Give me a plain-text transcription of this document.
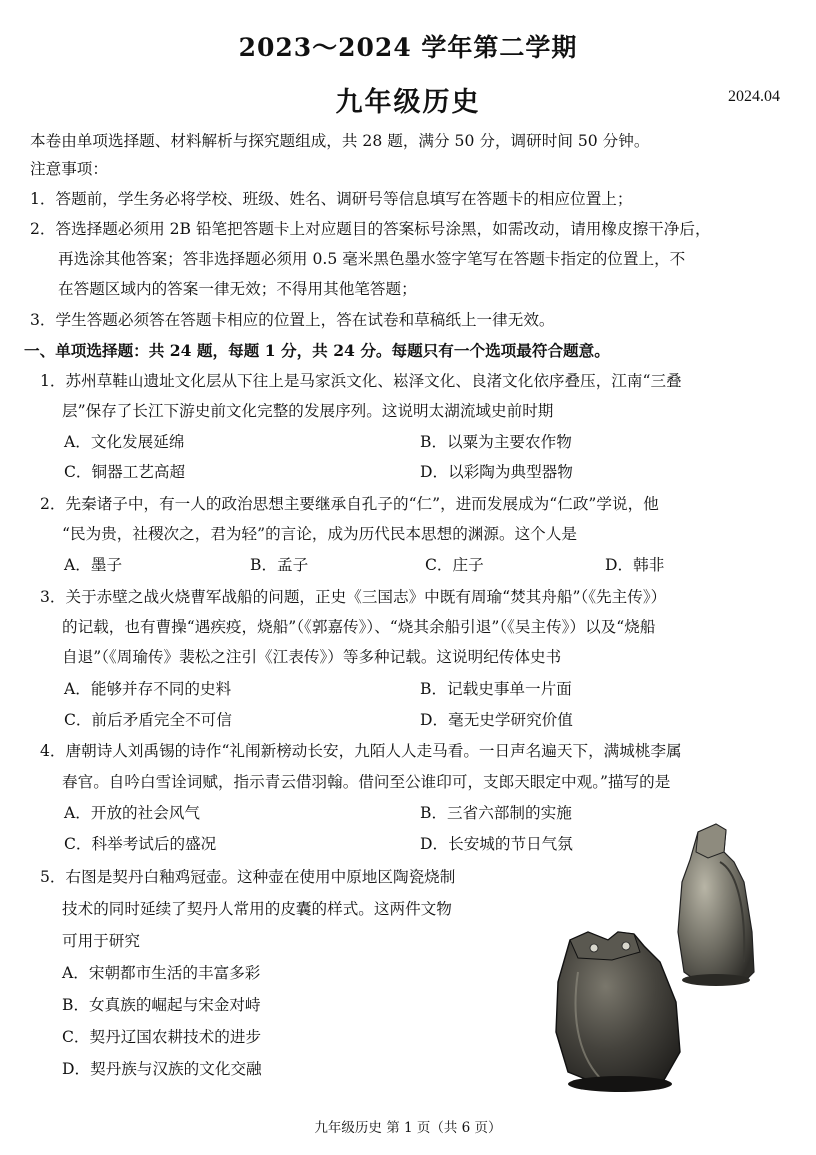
2023～2024 学年第二学期
九年级历史	2024.04
本卷由单项选择题、材料解析与探究题组成，共 28 题，满分 50 分，调研时间 50 分钟。
注意事项：
1．答题前，学生务必将学校、班级、姓名、调研号等信息填写在答题卡的相应位置上；
2．答选择题必须用 2B 铅笔把答题卡上对应题目的答案标号涂黑，如需改动，请用橡皮擦干净后，
再选涂其他答案；答非选择题必须用 0.5 毫米黑色墨水签字笔写在答题卡指定的位置上，不
在答题区域内的答案一律无效；不得用其他笔答题；
3．学生答题必须答在答题卡相应的位置上，答在试卷和草稿纸上一律无效。
一、单项选择题：共 24 题，每题 1 分，共 24 分。每题只有一个选项最符合题意。
1．苏州草鞋山遗址文化层从下往上是马家浜文化、崧泽文化、良渚文化依序叠压，江南“三叠
层”保存了长江下游史前文化完整的发展序列。这说明太湖流域史前时期
A．文化发展延绵	B．以粟为主要农作物
C．铜器工艺高超	D．以彩陶为典型器物
2．先秦诸子中，有一人的政治思想主要继承自孔子的“仁”，进而发展成为“仁政”学说，他
“民为贵，社稷次之，君为轻”的言论，成为历代民本思想的渊源。这个人是
A．墨子	B．孟子	C．庄子	D．韩非
3．关于赤壁之战火烧曹军战船的问题，正史《三国志》中既有周瑜“焚其舟船”（《先主传》）
的记载，也有曹操“遇疾疫，烧船”（《郭嘉传》）、“烧其余船引退”（《吴主传》）以及“烧船
自退”（《周瑜传》裴松之注引《江表传》）等多种记载。这说明纪传体史书
A．能够并存不同的史料	B．记载史事单一片面
C．前后矛盾完全不可信	D．毫无史学研究价值
4．唐朝诗人刘禹锡的诗作“礼闱新榜动长安，九陌人人走马看。一日声名遍天下，满城桃李属
春官。自吟白雪诠词赋，指示青云借羽翰。借问至公谁印可，支郎天眼定中观。”描写的是
A．开放的社会风气	B．三省六部制的实施
C．科举考试后的盛况	D．长安城的节日气氛
5．右图是契丹白釉鸡冠壶。这种壶在使用中原地区陶瓷烧制
技术的同时延续了契丹人常用的皮囊的样式。这两件文物
可用于研究
A．宋朝都市生活的丰富多彩
B．女真族的崛起与宋金对峙
C．契丹辽国农耕技术的进步
D．契丹族与汉族的文化交融
九年级历史 第 1 页（共 6 页）
